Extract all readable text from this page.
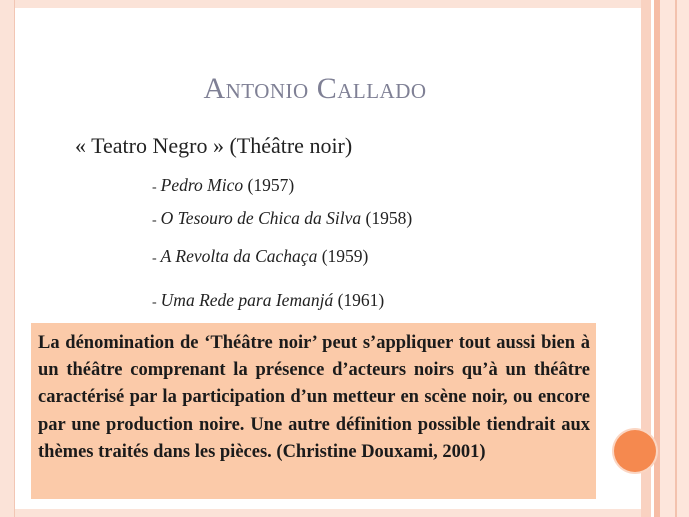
Antonio Callado
« Teatro Negro » (Théâtre noir)
- Pedro Mico (1957)
- O Tesouro de Chica da Silva (1958)
- A Revolta da Cachaça (1959)
- Uma Rede para Iemanjá (1961)

La dénomination de ‘Théâtre noir’ peut s’appliquer tout aussi bien à un théâtre comprenant la présence d’acteurs noirs qu’à un théâtre caractérisé par la participation d’un metteur en scène noir, ou encore par une production noire. Une autre définition possible tiendrait aux thèmes traités dans les pièces. (Christine Douxami, 2001)
